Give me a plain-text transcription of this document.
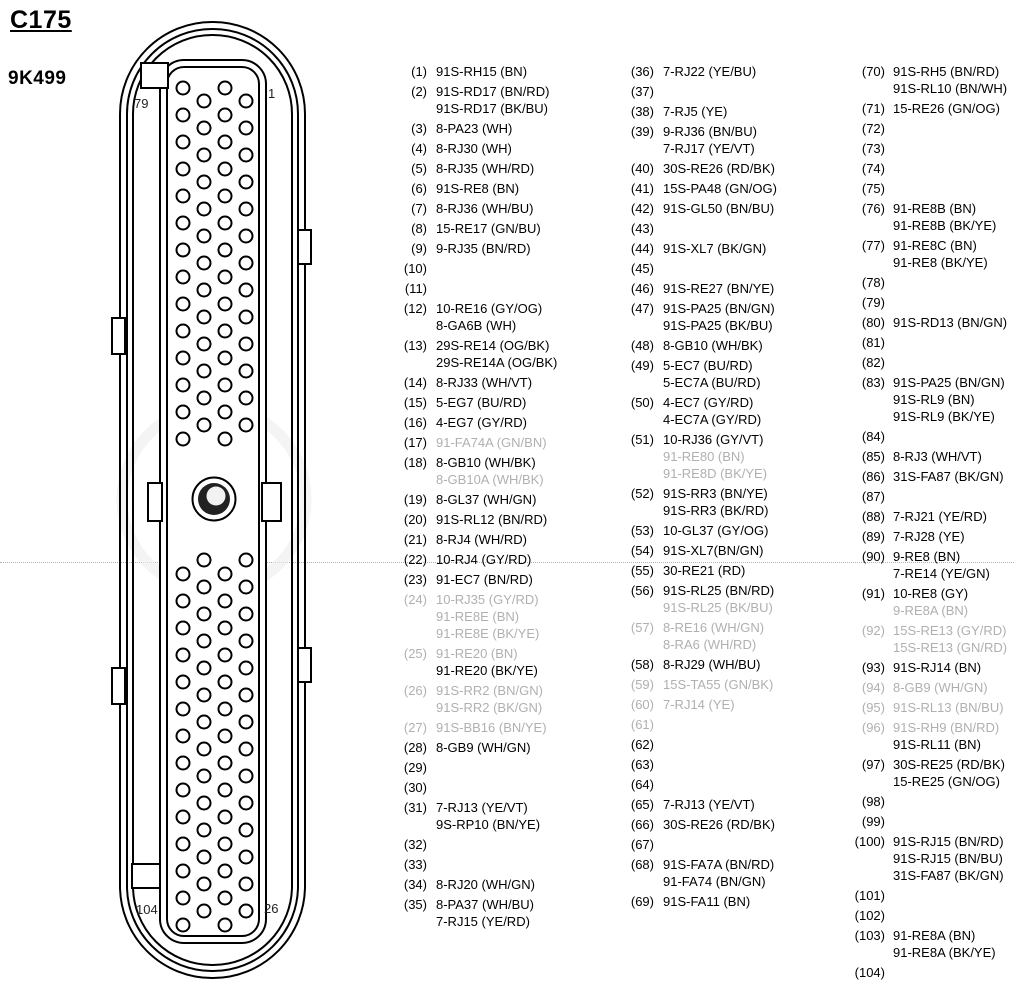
C175
9K499
79
1
104	26
(1) 91S-RH15 (BN)
(2) 91S-RD17 (BN/RD)
91S-RD17 (BK/BU)
(3) 8-PA23 (WH)
(4) 8-RJ30 (WH)
(5) 8-RJ35 (WH/RD)
(6) 91S-RE8 (BN)
(7) 8-RJ36 (WH/BU)
(8) 15-RE17 (GN/BU)
(9) 9-RJ35 (BN/RD)
(10)
(11)
(12) 10-RE16 (GY/OG)
8-GA6B (WH)
(13) 29S-RE14 (OG/BK)
29S-RE14A (OG/BK)
(14) 8-RJ33 (WH/VT)
(15) 5-EG7 (BU/RD)
(16) 4-EG7 (GY/RD)
(17) 91-FA74A (GN/BN)
(18) 8-GB10 (WH/BK)
8-GB10A (WH/BK)
(19) 8-GL37 (WH/GN)
(20) 91S-RL12 (BN/RD)
(21) 8-RJ4 (WH/RD)
(22) 10-RJ4 (GY/RD)
(23) 91-EC7 (BN/RD)
(24) 10-RJ35 (GY/RD)
91-RE8E (BN)
91-RE8E (BK/YE)
(25) 91-RE20 (BN)
91-RE20 (BK/YE)
(26) 91S-RR2 (BN/GN)
91S-RR2 (BK/GN)
(27) 91S-BB16 (BN/YE)
(28) 8-GB9 (WH/GN)
(29)
(30)
(31) 7-RJ13 (YE/VT)
9S-RP10 (BN/YE)
(32)
(33)
(34) 8-RJ20 (WH/GN)
(35) 8-PA37 (WH/BU)
7-RJ15 (YE/RD)
(36) 7-RJ22 (YE/BU)
(37)
(38) 7-RJ5 (YE)
(39) 9-RJ36 (BN/BU)
7-RJ17 (YE/VT)
(40) 30S-RE26 (RD/BK)
(41) 15S-PA48 (GN/OG)
(42) 91S-GL50 (BN/BU)
(43)
(44) 91S-XL7 (BK/GN)
(45)
(46) 91S-RE27 (BN/YE)
(47) 91S-PA25 (BN/GN)
91S-PA25 (BK/BU)
(48) 8-GB10 (WH/BK)
(49) 5-EC7 (BU/RD)
5-EC7A (BU/RD)
(50) 4-EC7 (GY/RD)
4-EC7A (GY/RD)
(51) 10-RJ36 (GY/VT)
91-RE80 (BN)
91-RE8D (BK/YE)
(52) 91S-RR3 (BN/YE)
91S-RR3 (BK/RD)
(53) 10-GL37 (GY/OG)
(54) 91S-XL7(BN/GN)
(55) 30-RE21 (RD)
(56) 91S-RL25 (BN/RD)
91S-RL25 (BK/BU)
(57) 8-RE16 (WH/GN)
8-RA6 (WH/RD)
(58) 8-RJ29 (WH/BU)
(59) 15S-TA55 (GN/BK)
(60) 7-RJ14 (YE)
(61)
(62)
(63)
(64)
(65) 7-RJ13 (YE/VT)
(66) 30S-RE26 (RD/BK)
(67)
(68) 91S-FA7A (BN/RD)
91-FA74 (BN/GN)
(69) 91S-FA11 (BN)
(70) 91S-RH5 (BN/RD)
91S-RL10 (BN/WH)
(71) 15-RE26 (GN/OG)
(72)
(73)
(74)
(75)
(76) 91-RE8B (BN)
91-RE8B (BK/YE)
(77) 91-RE8C (BN)
91-RE8 (BK/YE)
(78)
(79)
(80) 91S-RD13 (BN/GN)
(81)
(82)
(83) 91S-PA25 (BN/GN)
91S-RL9 (BN)
91S-RL9 (BK/YE)
(84)
(85) 8-RJ3 (WH/VT)
(86) 31S-FA87 (BK/GN)
(87)
(88) 7-RJ21 (YE/RD)
(89) 7-RJ28 (YE)
(90) 9-RE8 (BN)
7-RE14 (YE/GN)
(91) 10-RE8 (GY)
9-RE8A (BN)
(92) 15S-RE13 (GY/RD)
15S-RE13 (GN/RD)
(93) 91S-RJ14 (BN)
(94) 8-GB9 (WH/GN)
(95) 91S-RL13 (BN/BU)
(96) 91S-RH9 (BN/RD)
91S-RL11 (BN)
(97) 30S-RE25 (RD/BK)
15-RE25 (GN/OG)
(98)
(99)
(100) 91S-RJ15 (BN/RD)
91S-RJ15 (BN/BU)
31S-FA87 (BK/GN)
(101)
(102)
(103) 91-RE8A (BN)
91-RE8A (BK/YE)
(104)
